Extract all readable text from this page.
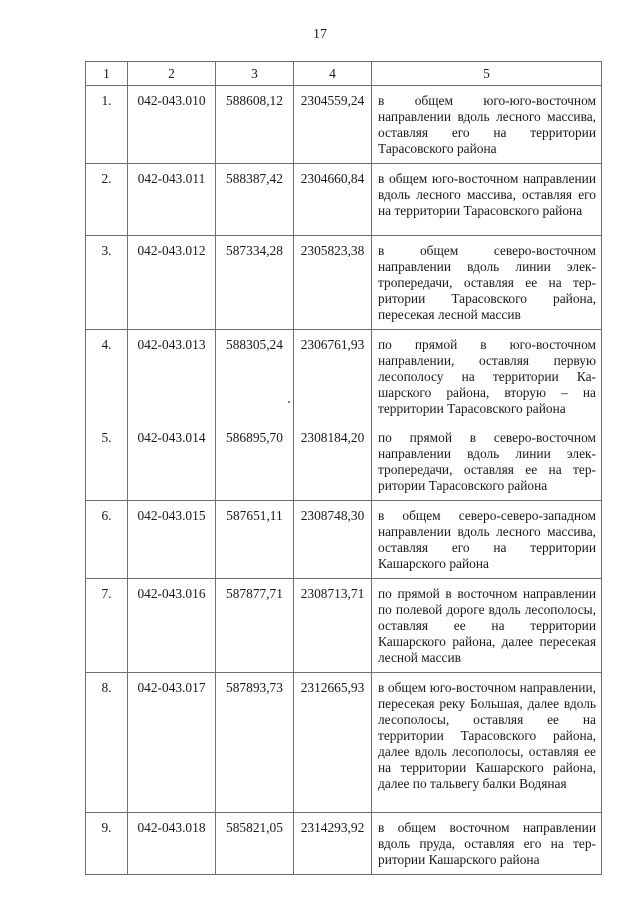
17
1	2	3	4	5
1.	042-043.010	588608,12	2304559,24	в общем юго-юго-восточном направлении вдоль лесного массива, оставляя его на территории Тарасовского района

2.	042-043.011	588387,42	2304660,84	в общем юго-восточном направлении вдоль лесного массива, оставляя его на территории Тарасовского района

3.	042-043.012	587334,28	2305823,38	в общем северо-восточном направлении вдоль линии электропередачи, оставляя ее на территории Тарасовского района, пересекая лесной массив

4.	042-043.013	588305,24	2306761,93	по прямой в юго-восточном направлении, оставляя первую лесополосу на территории Кашарского района, вторую – на территории Тарасовского района

5.	042-043.014	586895,70	2308184,20	по прямой в северо-восточном направлении вдоль линии электропередачи, оставляя ее на территории Тарасовского района

6.	042-043.015	587651,11	2308748,30	в общем северо-северо-западном направлении вдоль лесного массива, оставляя его на территории Кашарского района

7.	042-043.016	587877,71	2308713,71	по прямой в восточном направлении по полевой дороге вдоль лесополосы, оставляя ее на территории Кашарского района, далее пересекая лесной массив

8.	042-043.017	587893,73	2312665,93	в общем юго-восточном направлении, пересекая реку Большая, далее вдоль лесополосы, оставляя ее на территории Тарасовского района, далее вдоль лесополосы, оставляя ее на территории Кашарского района, далее по тальвегу балки Водяная

9.	042-043.018	585821,05	2314293,92	в общем восточном направлении вдоль пруда, оставляя его на территории Кашарского района
